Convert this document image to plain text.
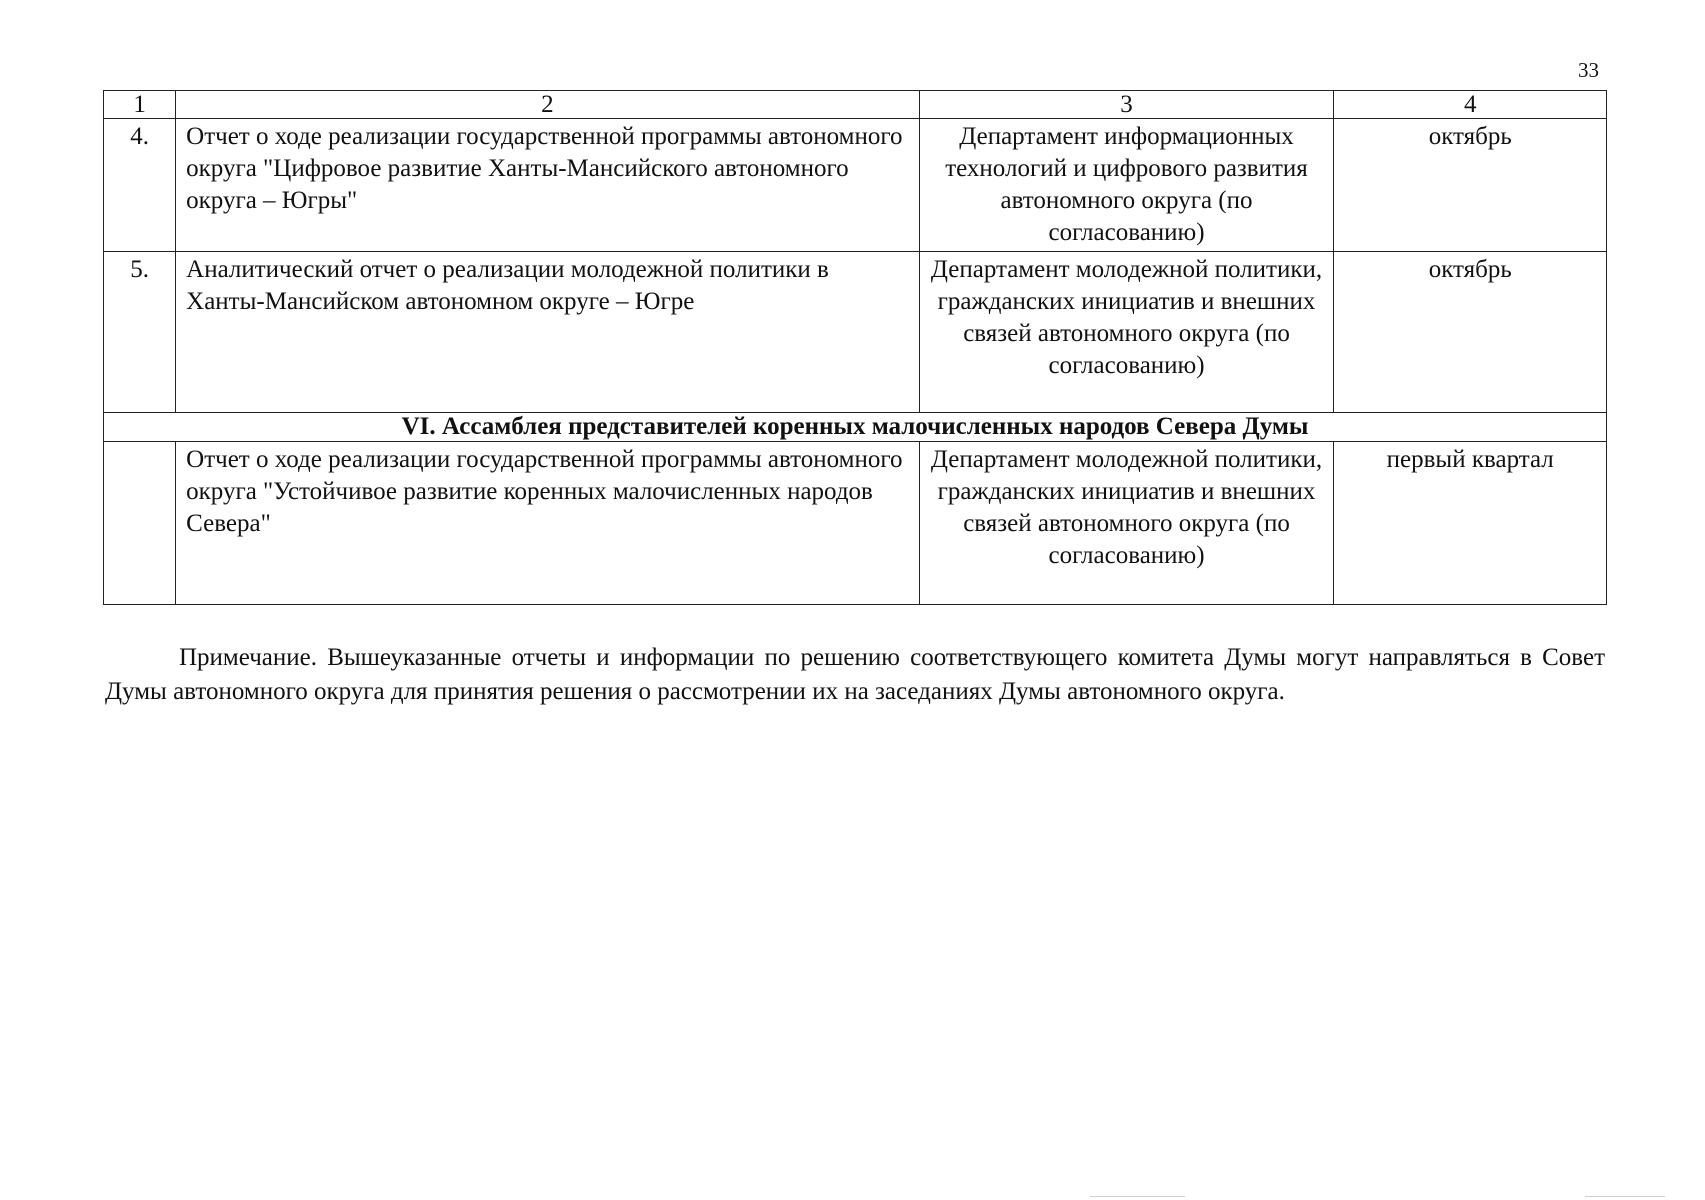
33
1	2	3	4
4.	Отчет о ходе реализации государственной программы автономного округа "Цифровое развитие Ханты-Мансийского автономного округа – Югры"	Департамент информационных технологий и цифрового развития автономного округа (по согласованию)	октябрь
5.	Аналитический отчет о реализации молодежной политики в Ханты-Мансийском автономном округе – Югре	Департамент молодежной политики, гражданских инициатив и внешних связей автономного округа (по согласованию)	октябрь
VI. Ассамблея представителей коренных малочисленных народов Севера Думы			
	Отчет о ходе реализации государственной программы автономного округа "Устойчивое развитие коренных малочисленных народов Севера"	Департамент молодежной политики, гражданских инициатив и внешних связей автономного округа (по согласованию)	первый квартал

Примечание. Вышеуказанные отчеты и информации по решению соответствующего комитета Думы могут направляться в Совет Думы автономного округа для принятия решения о рассмотрении их на заседаниях Думы автономного округа.
